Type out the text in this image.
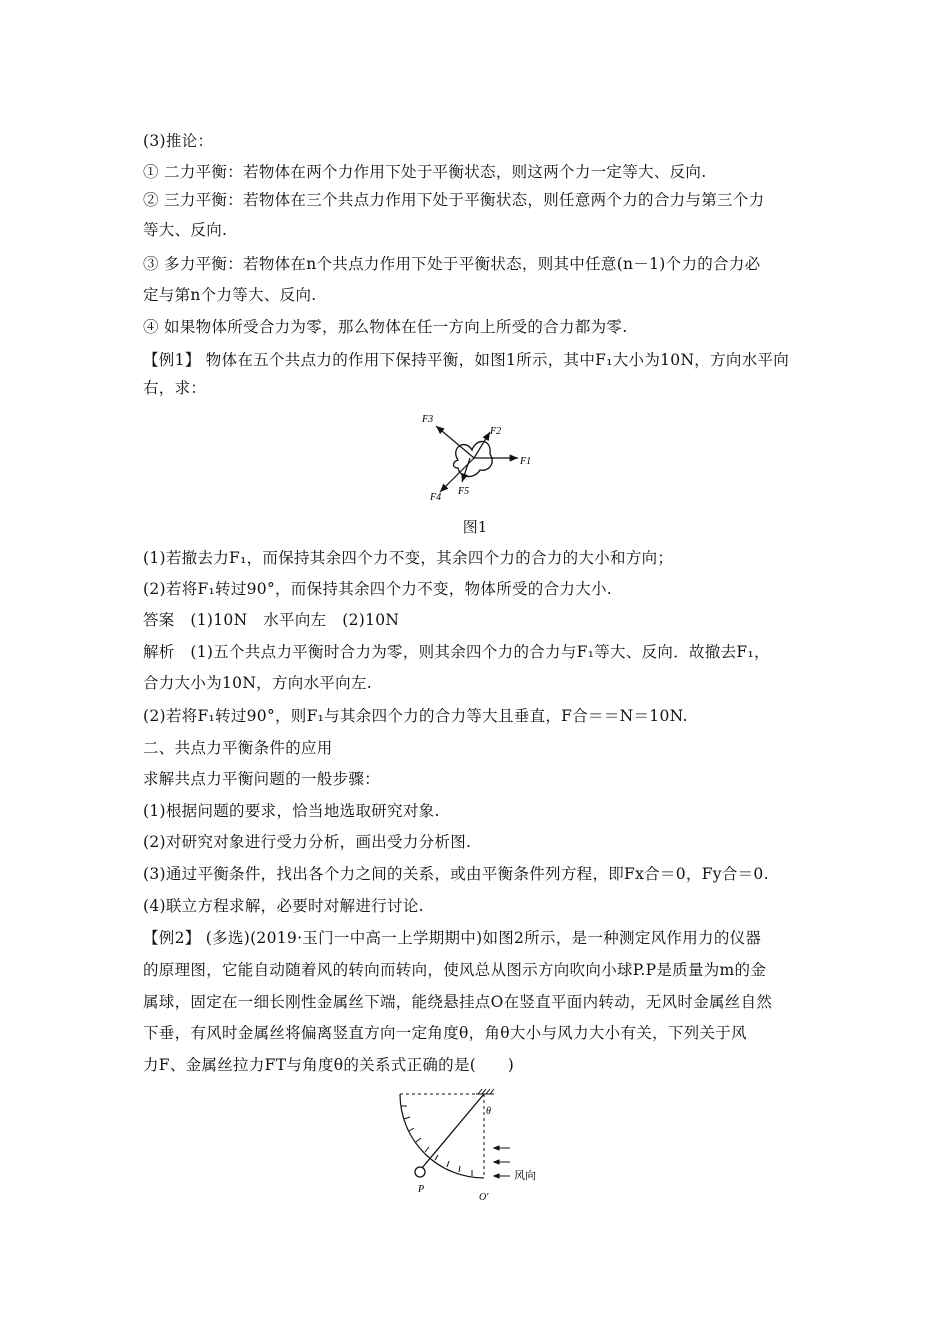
(3)推论：
① 二力平衡：若物体在两个力作用下处于平衡状态，则这两个力一定等大、反向.
② 三力平衡：若物体在三个共点力作用下处于平衡状态，则任意两个力的合力与第三个力
等大、反向.
③ 多力平衡：若物体在n个共点力作用下处于平衡状态，则其中任意(n－1)个力的合力必
定与第n个力等大、反向.
④ 如果物体所受合力为零，那么物体在任一方向上所受的合力都为零.
【例1】 物体在五个共点力的作用下保持平衡，如图1所示，其中F₁大小为10N，方向水平向
右，求：
F1
F2
F3
F4
F5
图1
(1)若撤去力F₁，而保持其余四个力不变，其余四个力的合力的大小和方向；
(2)若将F₁转过90°，而保持其余四个力不变，物体所受的合力大小.
答案　(1)10N　水平向左　(2)10N
解析　(1)五个共点力平衡时合力为零，则其余四个力的合力与F₁等大、反向．故撤去F₁，
合力大小为10N，方向水平向左.
(2)若将F₁转过90°，则F₁与其余四个力的合力等大且垂直，F合＝＝N＝10N.
二、共点力平衡条件的应用
求解共点力平衡问题的一般步骤：
(1)根据问题的要求，恰当地选取研究对象.
(2)对研究对象进行受力分析，画出受力分析图.
(3)通过平衡条件，找出各个力之间的关系，或由平衡条件列方程，即Fx合＝0，Fy合＝0.
(4)联立方程求解，必要时对解进行讨论.
【例2】 (多选)(2019·玉门一中高一上学期期中)如图2所示，是一种测定风作用力的仪器
的原理图，它能自动随着风的转向而转向，使风总从图示方向吹向小球P.P是质量为m的金
属球，固定在一细长刚性金属丝下端，能绕悬挂点O在竖直平面内转动，无风时金属丝自然
下垂，有风时金属丝将偏离竖直方向一定角度θ，角θ大小与风力大小有关，下列关于风
力F、金属丝拉力FT与角度θ的关系式正确的是(　　)
θ
风向
P
O′
